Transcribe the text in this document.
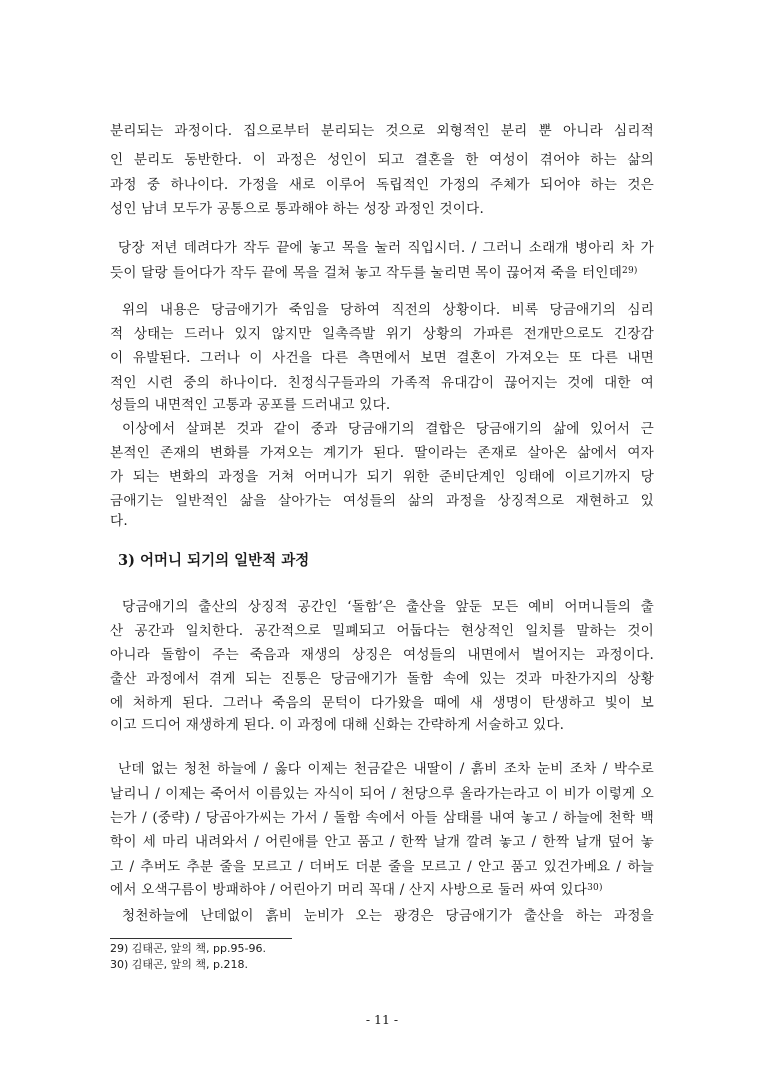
분리되는 과정이다. 집으로부터 분리되는 것으로 외형적인 분리 뿐 아니라 심리적
인 분리도 동반한다. 이 과정은 성인이 되고 결혼을 한 여성이 겪어야 하는 삶의
과정 중 하나이다. 가정을 새로 이루어 독립적인 가정의 주체가 되어야 하는 것은
성인 남녀 모두가 공통으로 통과해야 하는 성장 과정인 것이다.
당장 저년 데려다가 작두 끝에 놓고 목을 눌러 직입시더. / 그러니 소래개 병아리 차 가
듯이 달랑 들어다가 작두 끝에 목을 걸쳐 놓고 작두를 눌리면 목이 끊어져 죽을 터인데$^{29)}$
위의 내용은 당금애기가 죽임을 당하여 직전의 상황이다. 비록 당금애기의 심리
적 상태는 드러나 있지 않지만 일촉즉발 위기 상황의 가파른 전개만으로도 긴장감
이 유발된다. 그러나 이 사건을 다른 측면에서 보면 결혼이 가져오는 또 다른 내면
적인 시련 중의 하나이다. 친정식구들과의 가족적 유대감이 끊어지는 것에 대한 여
성들의 내면적인 고통과 공포를 드러내고 있다.
이상에서 살펴본 것과 같이 중과 당금애기의 결합은 당금애기의 삶에 있어서 근
본적인 존재의 변화를 가져오는 계기가 된다. 딸이라는 존재로 살아온 삶에서 여자
가 되는 변화의 과정을 거쳐 어머니가 되기 위한 준비단계인 잉태에 이르기까지 당
금애기는 일반적인 삶을 살아가는 여성들의 삶의 과정을 상징적으로 재현하고 있
다.
3) 어머니 되기의 일반적 과정
당금애기의 출산의 상징적 공간인 ‘돌함’은 출산을 앞둔 모든 예비 어머니들의 출
산 공간과 일치한다. 공간적으로 밀폐되고 어둡다는 현상적인 일치를 말하는 것이
아니라 돌함이 주는 죽음과 재생의 상징은 여성들의 내면에서 벌어지는 과정이다.
출산 과정에서 겪게 되는 진통은 당금애기가 돌함 속에 있는 것과 마찬가지의 상황
에 처하게 된다. 그러나 죽음의 문턱이 다가왔을 때에 새 생명이 탄생하고 빛이 보
이고 드디어 재생하게 된다. 이 과정에 대해 신화는 간략하게 서술하고 있다.
난데 없는 청천 하늘에 / 옳다 이제는 천금같은 내딸이 / 흙비 조차 눈비 조차 / 박수로
날리니 / 이제는 죽어서 이름있는 자식이 되어 / 천당으루 올라가는라고 이 비가 이렇게 오
는가 / (중략) / 당곰아가씨는 가서 / 돌함 속에서 아들 삼태를 내여 놓고 / 하늘에 천학 백
학이 세 마리 내려와서 / 어린애를 안고 품고 / 한짝 날개 깔려 놓고 / 한짝 날개 덮어 놓
고 / 추버도 추분 줄을 모르고 / 더버도 더분 줄을 모르고 / 안고 품고 있건가베요 / 하늘
에서 오색구름이 방패하야 / 어린아기 머리 꼭대 / 산지 사방으로 둘러 싸여 있다$^{30)}$
청천하늘에 난데없이 흙비 눈비가 오는 광경은 당금애기가 출산을 하는 과정을
29) 김태곤, 앞의 책, pp.95-96.
30) 김태곤, 앞의 책, p.218.
- 11 -
